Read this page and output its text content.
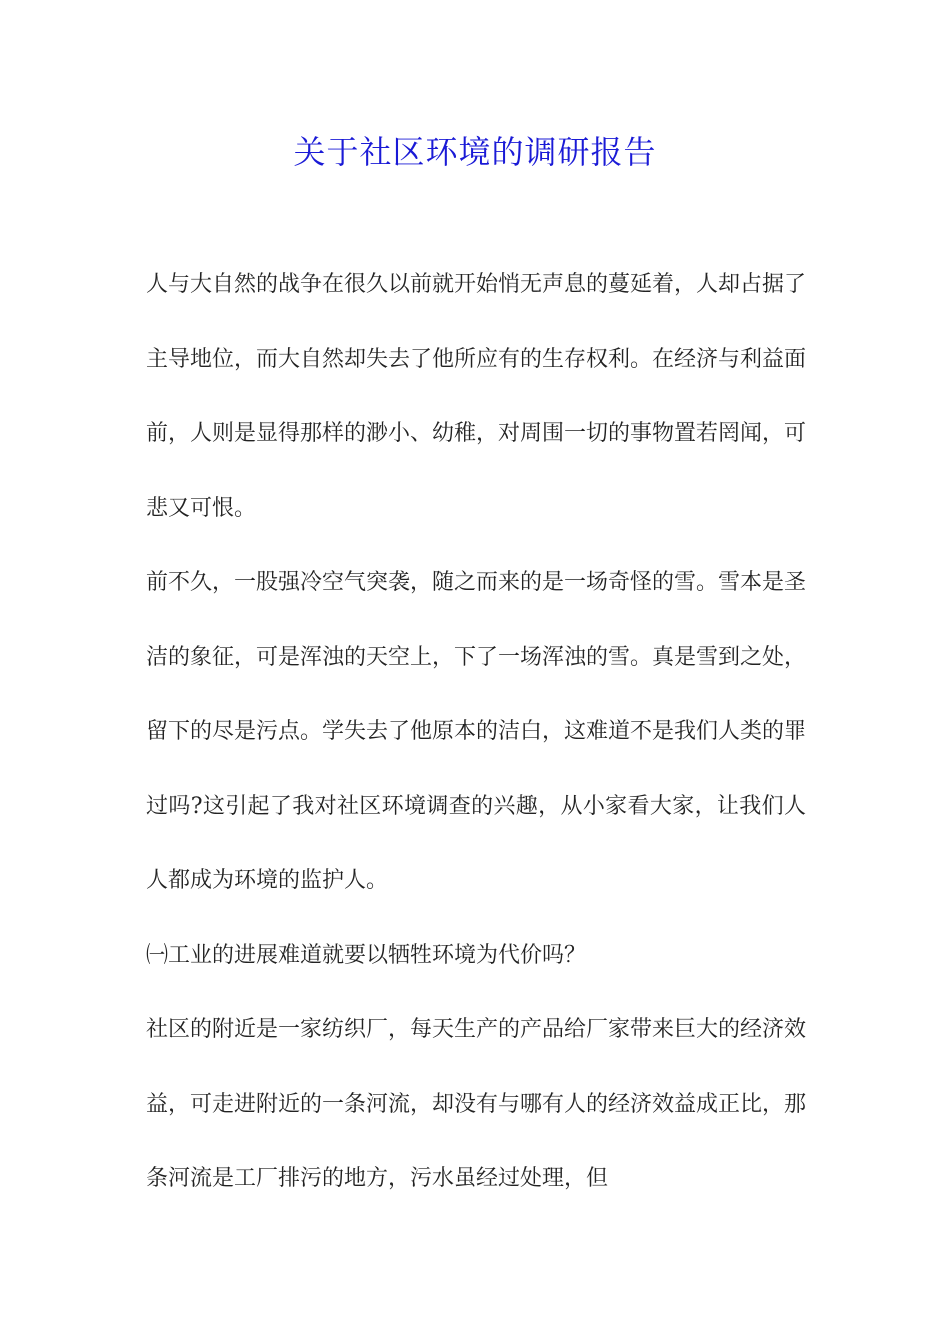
关于社区环境的调研报告

人与大自然的战争在很久以前就开始悄无声息的蔓延着，人却占据了主导地位，而大自然却失去了他所应有的生存权利。在经济与利益面前，人则是显得那样的渺小、幼稚，对周围一切的事物置若罔闻，可悲又可恨。

前不久，一股强冷空气突袭，随之而来的是一场奇怪的雪。雪本是圣洁的象征，可是浑浊的天空上，下了一场浑浊的雪。真是雪到之处，留下的尽是污点。学失去了他原本的洁白，这难道不是我们人类的罪过吗?这引起了我对社区环境调查的兴趣，从小家看大家，让我们人人都成为环境的监护人。

㈠工业的进展难道就要以牺牲环境为代价吗？

社区的附近是一家纺织厂，每天生产的产品给厂家带来巨大的经济效益，可走进附近的一条河流，却没有与哪有人的经济效益成正比，那条河流是工厂排污的地方，污水虽经过处理，但
